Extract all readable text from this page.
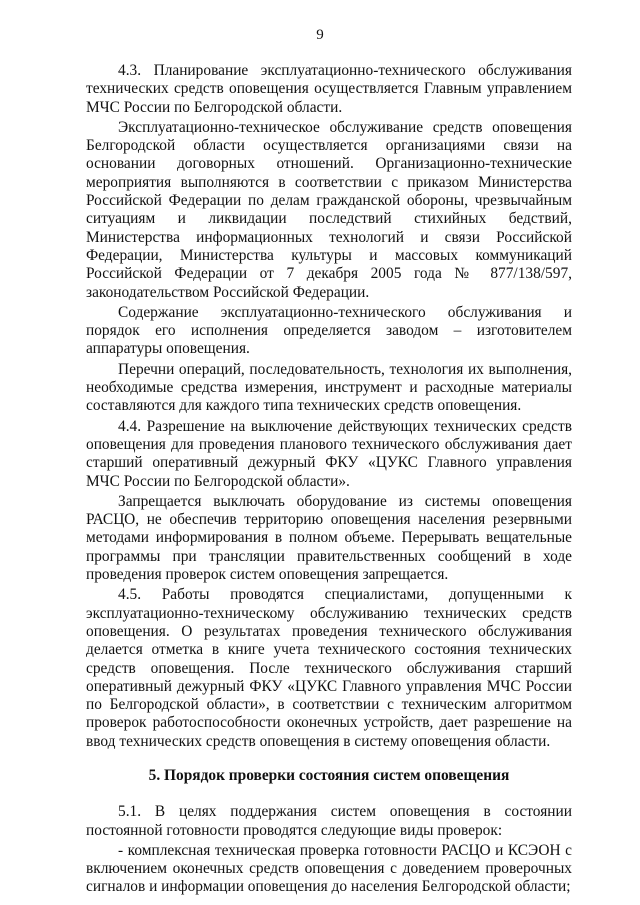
9

4.3. Планирование эксплуатационно-технического обслуживания технических средств оповещения осуществляется Главным управлением МЧС России по Белгородской области.

Эксплуатационно-техническое обслуживание средств оповещения Белгородской области осуществляется организациями связи на основании договорных отношений. Организационно-технические мероприятия выполняются в соответствии с приказом Министерства Российской Федерации по делам гражданской обороны, чрезвычайным ситуациям и ликвидации последствий стихийных бедствий, Министерства информационных технологий и связи Российской Федерации, Министерства культуры и массовых коммуникаций Российской Федерации от 7 декабря 2005 года № 877/138/597, законодательством Российской Федерации.

Содержание эксплуатационно-технического обслуживания и порядок его исполнения определяется заводом – изготовителем аппаратуры оповещения.

Перечни операций, последовательность, технология их выполнения, необходимые средства измерения, инструмент и расходные материалы составляются для каждого типа технических средств оповещения.

4.4. Разрешение на выключение действующих технических средств оповещения для проведения планового технического обслуживания дает старший оперативный дежурный ФКУ «ЦУКС Главного управления МЧС России по Белгородской области».

Запрещается выключать оборудование из системы оповещения РАСЦО, не обеспечив территорию оповещения населения резервными методами информирования в полном объеме. Перерывать вещательные программы при трансляции правительственных сообщений в ходе проведения проверок систем оповещения запрещается.

4.5. Работы проводятся специалистами, допущенными к эксплуатационно-техническому обслуживанию технических средств оповещения. О результатах проведения технического обслуживания делается отметка в книге учета технического состояния технических средств оповещения. После технического обслуживания старший оперативный дежурный ФКУ «ЦУКС Главного управления МЧС России по Белгородской области», в соответствии с техническим алгоритмом проверок работоспособности оконечных устройств, дает разрешение на ввод технических средств оповещения в систему оповещения области.

5. Порядок проверки состояния систем оповещения

5.1. В целях поддержания систем оповещения в состоянии постоянной готовности проводятся следующие виды проверок:

- комплексная техническая проверка готовности РАСЦО и КСЭОН с включением оконечных средств оповещения с доведением проверочных сигналов и информации оповещения до населения Белгородской области;
